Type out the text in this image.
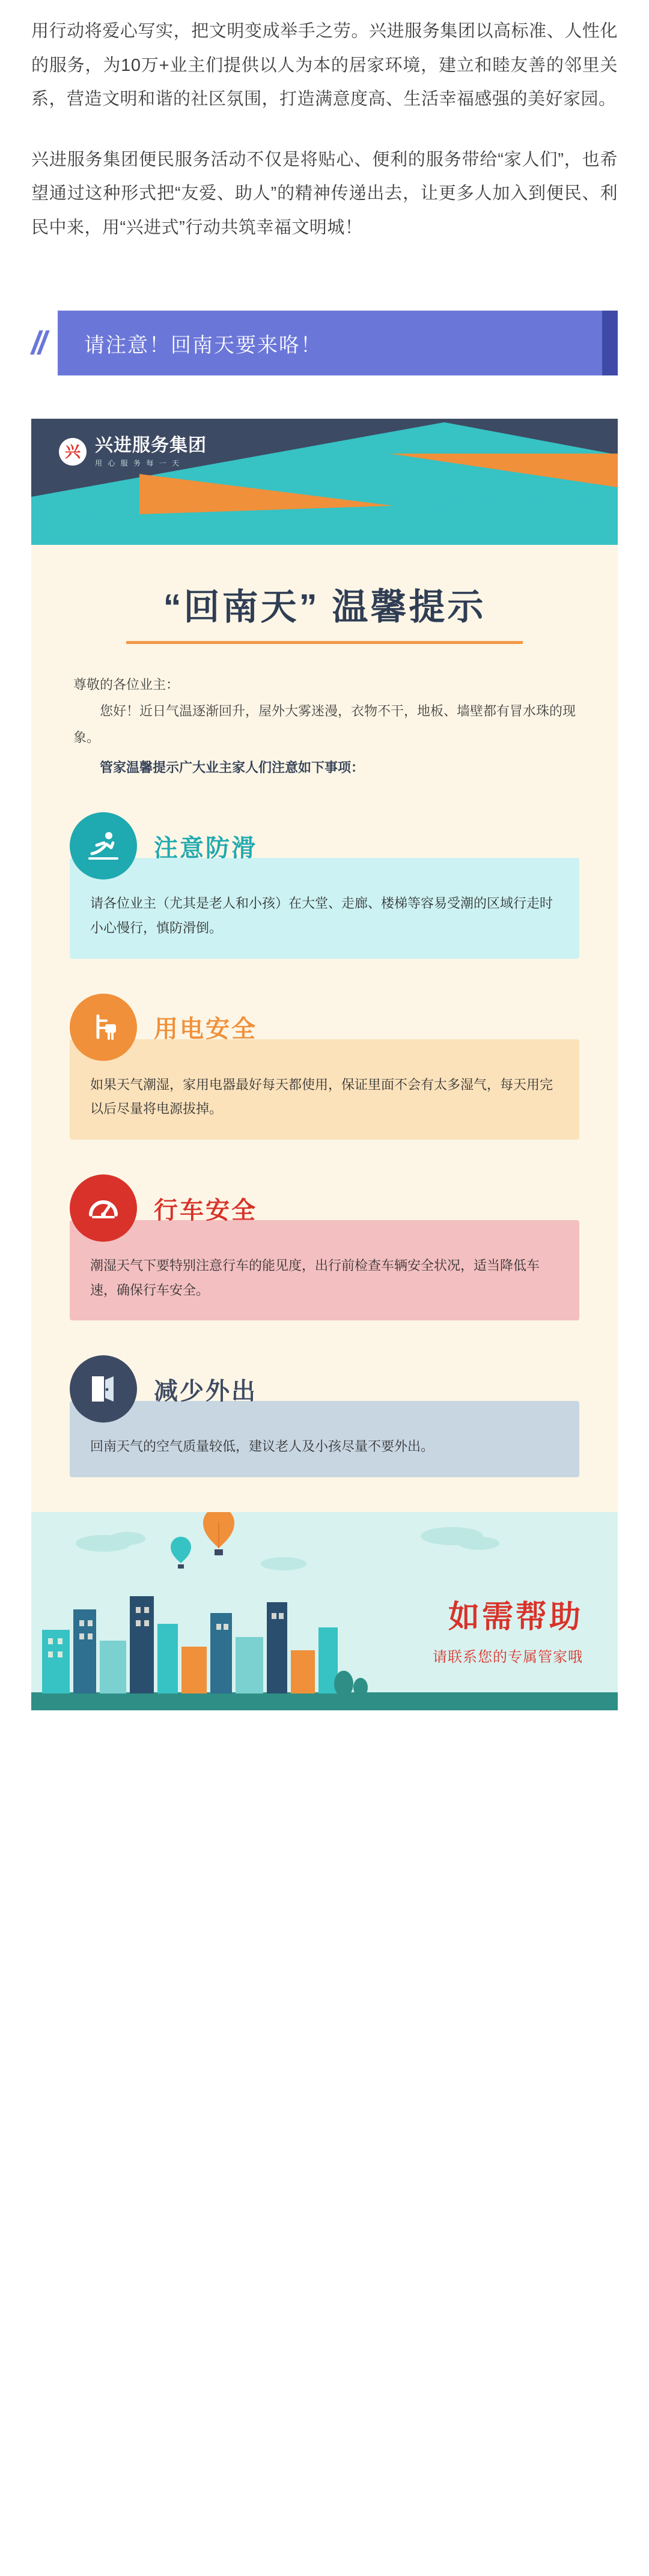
用行动将爱心写实，把文明变成举手之劳。兴进服务集团以高标准、人性化的服务，为10万+业主们提供以人为本的居家环境，建立和睦友善的邻里关系，营造文明和谐的社区氛围，打造满意度高、生活幸福感强的美好家园。

兴进服务集团便民服务活动不仅是将贴心、便利的服务带给“家人们”，也希望通过这种形式把“友爱、助人”的精神传递出去，让更多人加入到便民、利民中来，用“兴进式”行动共筑幸福文明城！

//	请注意！回南天要来咯！
兴 兴进服务集团
用 心 服 务 每 一 天
“回南天” 温馨提示
尊敬的各位业主：
您好！近日气温逐渐回升，屋外大雾迷漫，衣物不干，地板、墙壁都有冒水珠的现象。
管家温馨提示广大业主家人们注意如下事项：
注意防滑
请各位业主（尤其是老人和小孩）在大堂、走廊、楼梯等容易受潮的区域行走时小心慢行，慎防滑倒。
用电安全
如果天气潮湿，家用电器最好每天都使用，保证里面不会有太多湿气，每天用完以后尽量将电源拔掉。
行车安全
潮湿天气下要特别注意行车的能见度，出行前检查车辆安全状况，适当降低车速，确保行车安全。
减少外出
回南天气的空气质量较低，建议老人及小孩尽量不要外出。
如需帮助
请联系您的专属管家哦
